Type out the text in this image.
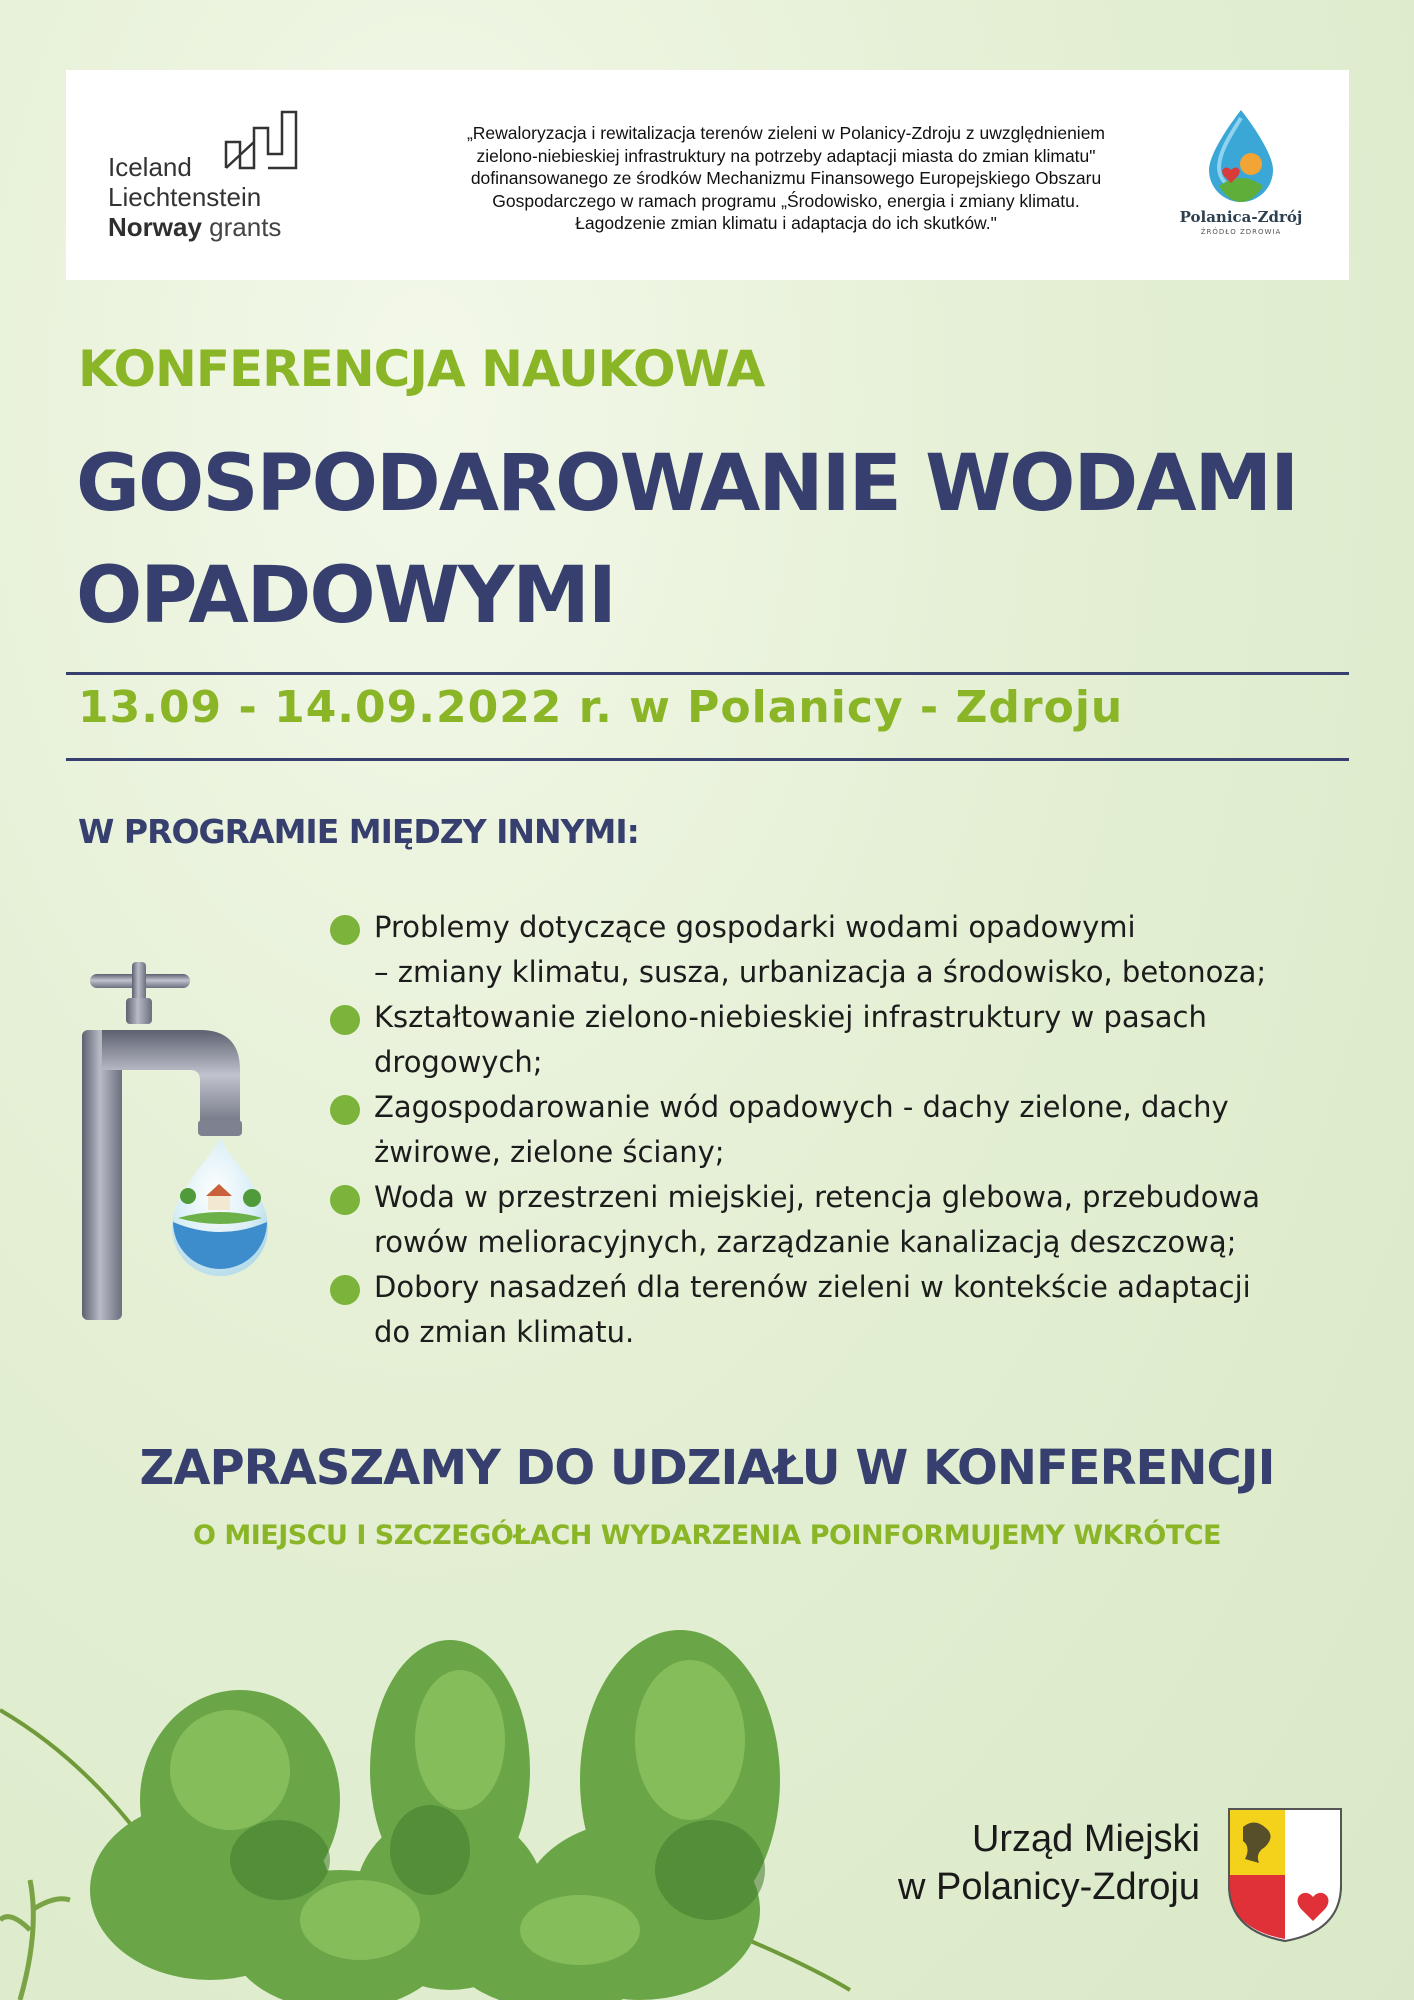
Iceland
Liechtenstein
Norway grants
„Rewaloryzacja i rewitalizacja terenów zieleni w Polanicy-Zdroju z uwzględnieniem
zielono-niebieskiej infrastruktury na potrzeby adaptacji miasta do zmian klimatu"
dofinansowanego ze środków Mechanizmu Finansowego Europejskiego Obszaru
Gospodarczego w ramach programu „Środowisko, energia i zmiany klimatu.
Łagodzenie zmian klimatu i adaptacja do ich skutków."	Polanica-Zdrój
ŹRÓDŁO ZDROWIA
KONFERENCJA NAUKOWA
GOSPODAROWANIE WODAMI
OPADOWYMI
13.09 - 14.09.2022 r. w Polanicy - Zdroju
W PROGRAMIE MIĘDZY INNYMI:
Problemy dotyczące gospodarki wodami opadowymi
– zmiany klimatu, susza, urbanizacja a środowisko, betonoza;
Kształtowanie zielono-niebieskiej infrastruktury w pasach
drogowych;
Zagospodarowanie wód opadowych - dachy zielone, dachy
żwirowe, zielone ściany;
Woda w przestrzeni miejskiej, retencja glebowa, przebudowa
rowów melioracyjnych, zarządzanie kanalizacją deszczową;
Dobory nasadzeń dla terenów zieleni w kontekście adaptacji
do zmian klimatu.
ZAPRASZAMY DO UDZIAŁU W KONFERENCJI
O MIEJSCU I SZCZEGÓŁACH WYDARZENIA POINFORMUJEMY WKRÓTCE
Urząd Miejski
w Polanicy-Zdroju
